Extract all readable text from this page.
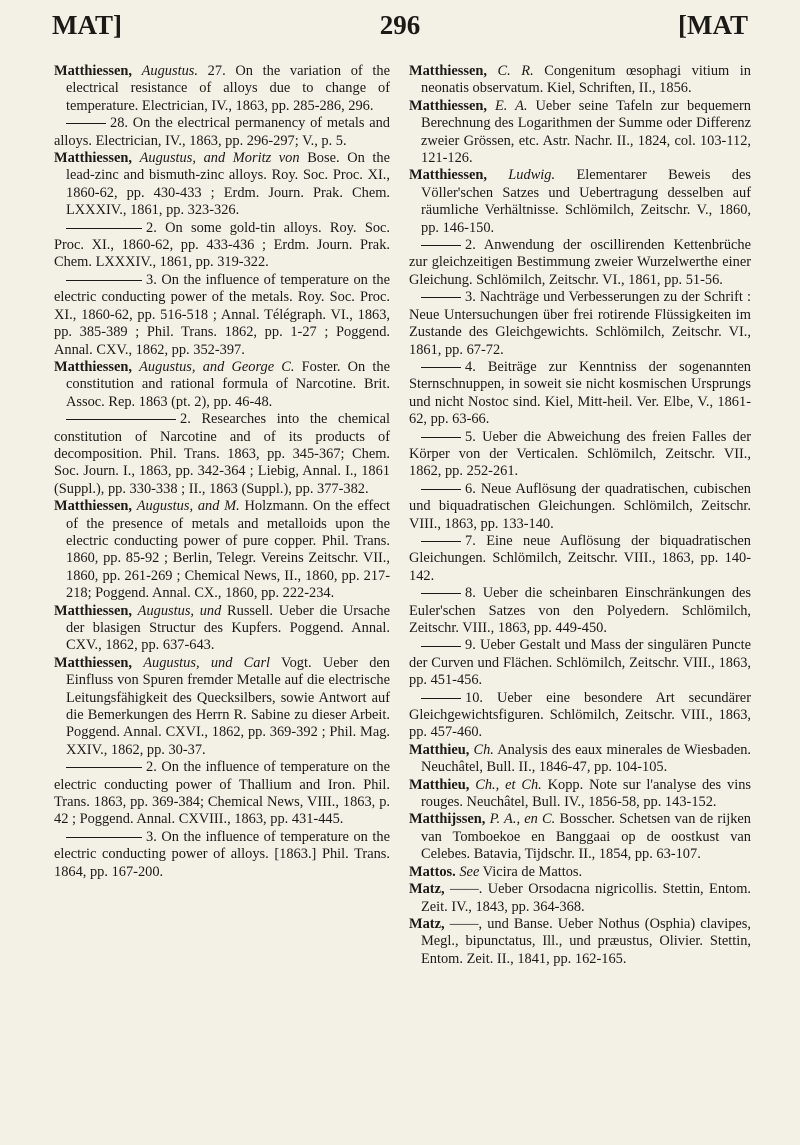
MAT]	296	[MAT
Matthiessen, Augustus. 27. On the variation of the electrical resistance of alloys due to change of temperature. Electrician, IV., 1863, pp. 285-286, 296.
28. On the electrical permanency of metals and alloys. Electrician, IV., 1863, pp. 296-297; V., p. 5.
Matthiessen, Augustus, and Moritz von Bose. On the lead-zinc and bismuth-zinc alloys. Roy. Soc. Proc. XI., 1860-62, pp. 430-433 ; Erdm. Journ. Prak. Chem. LXXXIV., 1861, pp. 323-326.
2. On some gold-tin alloys. Roy. Soc. Proc. XI., 1860-62, pp. 433-436 ; Erdm. Journ. Prak. Chem. LXXXIV., 1861, pp. 319-322.
3. On the influence of temperature on the electric conducting power of the metals. Roy. Soc. Proc. XI., 1860-62, pp. 516-518 ; Annal. Télégraph. VI., 1863, pp. 385-389 ; Phil. Trans. 1862, pp. 1-27 ; Poggend. Annal. CXV., 1862, pp. 352-397.
Matthiessen, Augustus, and George C. Foster. On the constitution and rational formula of Narcotine. Brit. Assoc. Rep. 1863 (pt. 2), pp. 46-48.
2. Researches into the chemical constitution of Narcotine and of its products of decomposition. Phil. Trans. 1863, pp. 345-367; Chem. Soc. Journ. I., 1863, pp. 342-364 ; Liebig, Annal. I., 1861 (Suppl.), pp. 330-338 ; II., 1863 (Suppl.), pp. 377-382.
Matthiessen, Augustus, and M. Holzmann. On the effect of the presence of metals and metalloids upon the electric conducting power of pure copper. Phil. Trans. 1860, pp. 85-92 ; Berlin, Telegr. Vereins Zeitschr. VII., 1860, pp. 261-269 ; Chemical News, II., 1860, pp. 217-218; Poggend. Annal. CX., 1860, pp. 222-234.
Matthiessen, Augustus, und Russell. Ueber die Ursache der blasigen Structur des Kupfers. Poggend. Annal. CXV., 1862, pp. 637-643.
Matthiessen, Augustus, und Carl Vogt. Ueber den Einfluss von Spuren fremder Metalle auf die electrische Leitungsfähigkeit des Quecksilbers, sowie Antwort auf die Bemerkungen des Herrn R. Sabine zu dieser Arbeit. Poggend. Annal. CXVI., 1862, pp. 369-392 ; Phil. Mag. XXIV., 1862, pp. 30-37.
2. On the influence of temperature on the electric conducting power of Thallium and Iron. Phil. Trans. 1863, pp. 369-384; Chemical News, VIII., 1863, p. 42 ; Poggend. Annal. CXVIII., 1863, pp. 431-445.
3. On the influence of temperature on the electric conducting power of alloys. [1863.] Phil. Trans. 1864, pp. 167-200.
Matthiessen, C. R. Congenitum œsophagi vitium in neonatis observatum. Kiel, Schriften, II., 1856.
Matthiessen, E. A. Ueber seine Tafeln zur bequemern Berechnung des Logarithmen der Summe oder Differenz zweier Grössen, etc. Astr. Nachr. II., 1824, col. 103-112, 121-126.
Matthiessen, Ludwig. Elementarer Beweis des Völler'schen Satzes und Uebertragung desselben auf räumliche Verhältnisse. Schlömilch, Zeitschr. V., 1860, pp. 146-150.
2. Anwendung der oscillirenden Kettenbrüche zur gleichzeitigen Bestimmung zweier Wurzelwerthe einer Gleichung. Schlömilch, Zeitschr. VI., 1861, pp. 51-56.
3. Nachträge und Verbesserungen zu der Schrift : Neue Untersuchungen über frei rotirende Flüssigkeiten im Zustande des Gleichgewichts. Schlömilch, Zeitschr. VI., 1861, pp. 67-72.
4. Beiträge zur Kenntniss der sogenannten Sternschnuppen, in soweit sie nicht kosmischen Ursprungs und nicht Nostoc sind. Kiel, Mitt-heil. Ver. Elbe, V., 1861-62, pp. 63-66.
5. Ueber die Abweichung des freien Falles der Körper von der Verticalen. Schlömilch, Zeitschr. VII., 1862, pp. 252-261.
6. Neue Auflösung der quadratischen, cubischen und biquadratischen Gleichungen. Schlömilch, Zeitschr. VIII., 1863, pp. 133-140.
7. Eine neue Auflösung der biquadratischen Gleichungen. Schlömilch, Zeitschr. VIII., 1863, pp. 140-142.
8. Ueber die scheinbaren Einschränkungen des Euler'schen Satzes von den Polyedern. Schlömilch, Zeitschr. VIII., 1863, pp. 449-450.
9. Ueber Gestalt und Mass der singulären Puncte der Curven und Flächen. Schlömilch, Zeitschr. VIII., 1863, pp. 451-456.
10. Ueber eine besondere Art secundärer Gleichgewichtsfiguren. Schlömilch, Zeitschr. VIII., 1863, pp. 457-460.
Matthieu, Ch. Analysis des eaux minerales de Wiesbaden. Neuchâtel, Bull. II., 1846-47, pp. 104-105.
Matthieu, Ch., et Ch. Kopp. Note sur l'analyse des vins rouges. Neuchâtel, Bull. IV., 1856-58, pp. 143-152.
Matthijssen, P. A., en C. Bosscher. Schetsen van de rijken van Tomboekoe en Banggaai op de oostkust van Celebes. Batavia, Tijdschr. II., 1854, pp. 63-107.
Mattos. See Vicira de Mattos.
Matz, ——. Ueber Orsodacna nigricollis. Stettin, Entom. Zeit. IV., 1843, pp. 364-368.
Matz, ——, und Banse. Ueber Nothus (Osphia) clavipes, Megl., bipunctatus, Ill., und præustus, Olivier. Stettin, Entom. Zeit. II., 1841, pp. 162-165.
